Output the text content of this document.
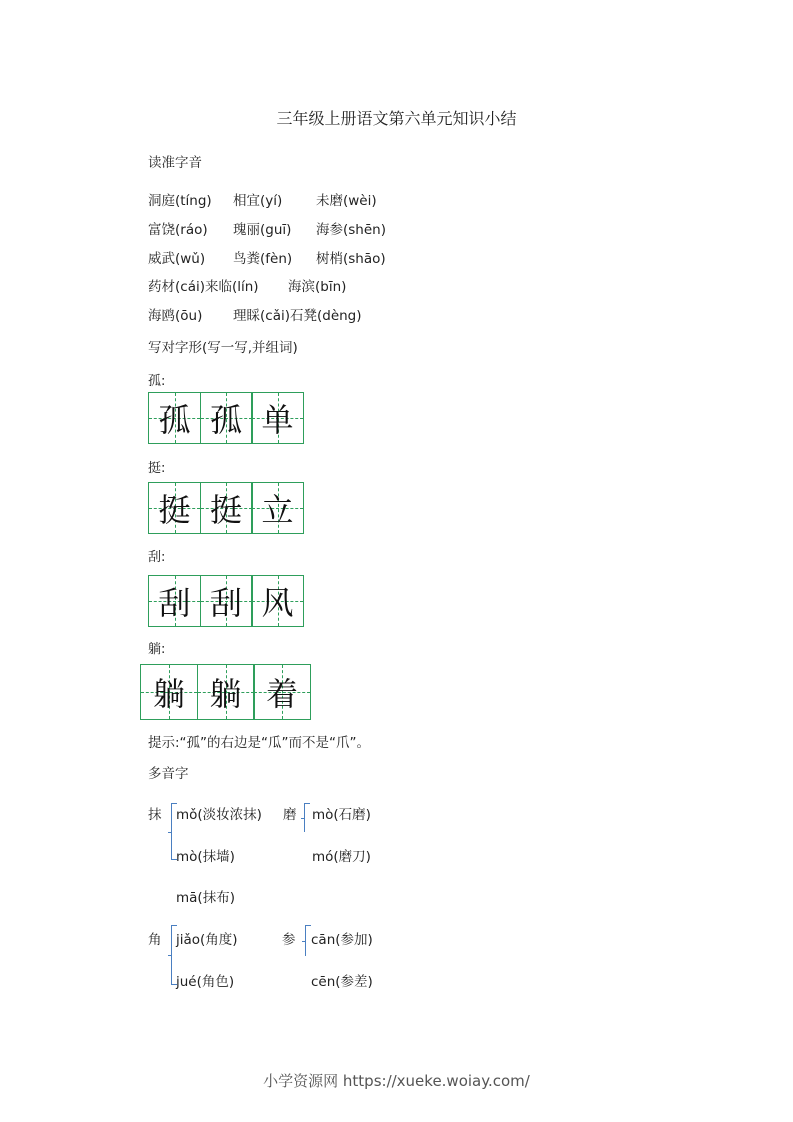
三年级上册语文第六单元知识小结
读准字音
洞庭(tíng) 相宜(yí) 未磨(wèi)
富饶(ráo) 瑰丽(guī) 海参(shēn)
威武(wǔ) 鸟粪(fèn) 树梢(shāo)
药材(cái)来临(lín) 海滨(bīn)
海鸥(ōu) 理睬(cǎi)石凳(dèng)
写对字形(写一写,并组词)
孤:
孤 孤 单
挺:
挺 挺 立
刮:
刮 刮 风
躺:
躺 躺 着
提示:“孤”的右边是“瓜”而不是“爪”。
多音字
抹 mǒ(淡妆浓抹)
mò(抹墙)
mā(抹布)
磨 mò(石磨)
mó(磨刀)
角 jiǎo(角度)
jué(角色)
参 cān(参加)
cēn(参差)
小学资源网 https://xueke.woiay.com/
